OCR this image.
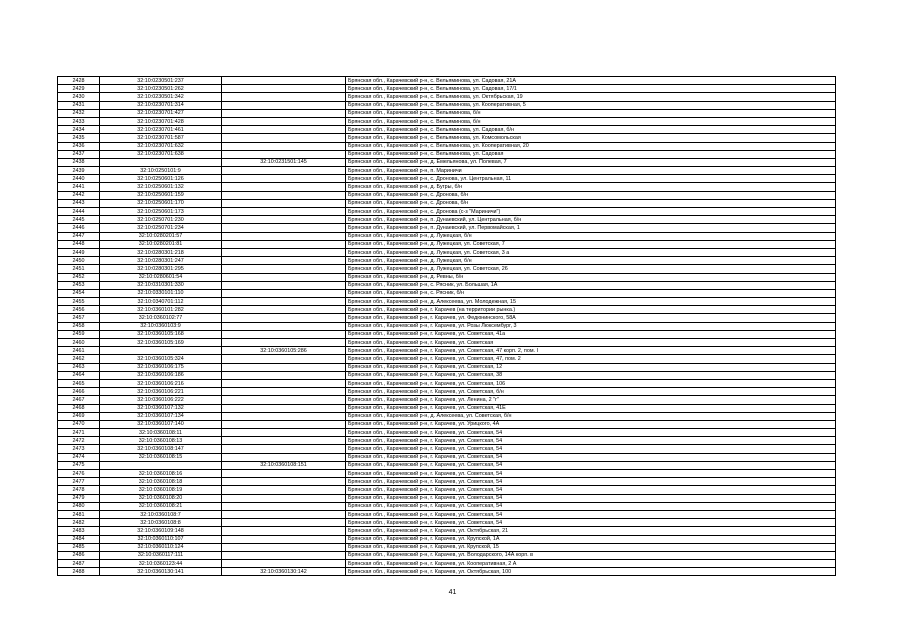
2428	32:10:0230501:237		Брянская обл., Карачевский р-н, с. Вельяминова, ул. Садовая, 21А
2429	32:10:0230501:262		Брянская обл., Карачевский р-н, с. Вельяминова, ул. Садовая, 17/1
2430	32:10:0230501:342		Брянская обл., Карачевский р-н, с. Вельяминова, ул. Октябрьская, 19
2431	32:10:0230701:314		Брянская обл., Карачевский р-н, с. Вельяминова, ул. Кооперативная, 5
2432	32:10:0230701:427		Брянская обл., Карачевский р-н, с. Вельяминова, б/н
2433	32:10:0230701:428		Брянская обл., Карачевский р-н, с. Вельяминова, б/н
2434	32:10:0230701:461		Брянская обл., Карачевский р-н, с. Вельяминова, ул. Садовая, б/н
2435	32:10:0230701:587		Брянская обл., Карачевский р-н, с. Вельяминова, ул. Комсомольская
2436	32:10:0230701:632		Брянская обл., Карачевский р-н, с. Вельяминова, ул. Кооперативная, 20
2437	32:10:0230701:638		Брянская обл., Карачевский р-н, с. Вельяминова, ул. Садовая
2438		32:10:0231501:145	Брянская обл., Карачевский р-н, д. Емельянова, ул. Полевая, 7
2439	32:10:0250101:9		Брянская обл., Карачевский р-н, п. Мариничи
2440	32:10:0250601:126		Брянская обл., Карачевский р-н, с. Дронова, ул. Центральная, 11
2441	32:10:0250601:132		Брянская обл., Карачевский р-н, д. Бугры, б/н
2442	32:10:0250601:159		Брянская обл., Карачевский р-н, с. Дронова, б/н
2443	32:10:0250601:170		Брянская обл., Карачевский р-н, с. Дронова, б/н
2444	32:10:0250601:173		Брянская обл., Карачевский р-н, с. Дронова (с-з "Мариничи")
2445	32:10:0250701:230		Брянская обл., Карачевский р-н, п. Дунаевский, ул. Центральная, б/н
2446	32:10:0250701:234		Брянская обл., Карачевский р-н, п. Дунаевский, ул. Первомайская, 1
2447	32:10:0280201:57		Брянская обл., Карачевский р-н, д. Лужецкая, б/н
2448	32:10:0280201:81		Брянская обл., Карачевский р-н, д. Лужецкая, ул. Советская, 7
2449	32:10:0280301:218		Брянская обл., Карачевский р-н, д. Лужецкая, ул. Советская, 3 а
2450	32:10:0280301:247		Брянская обл., Карачевский р-н, д. Лужецкая, б/н
2451	32:10:0280301:295		Брянская обл., Карачевский р-н, д. Лужецкая, ул. Советская, 26
2452	32:10:0280601:54		Брянская обл., Карачевский р-н, д. Ревны, б/н
2453	32:10:0310301:330		Брянская обл., Карачевский р-н, с. Рясник, ул. Большая, 1А
2454	32:10:0330101:110		Брянская обл., Карачевский р-н, с. Рясник, б/н
2455	32:10:0340701:112		Брянская обл., Карачевский р-н, д. Алексеева, ул. Молодежная, 15
2456	32:10:0360101:282		Брянская обл., Карачевский р-н, г. Карачев (на территории рынка.)
2457	32:10:0360102:77		Брянская обл., Карачевский р-н, г. Карачев, ул. Федюнинского, 58А
2458	32:10:0360103:9		Брянская обл., Карачевский р-н, г. Карачев, ул. Розы Люксембург, 3
2459	32:10:0360105:168		Брянская обл., Карачевский р-н, г. Карачев, ул. Советская, 41а
2460	32:10:0360105:169		Брянская обл., Карачевский р-н, г. Карачев, ул. Советская
2461		32:10:0360105:286	Брянская обл., Карачевский р-н, г. Карачев, ул. Советская, 47 корп. 2, пом. I
2462	32:10:0360105:324		Брянская обл., Карачевский р-н, г. Карачев, ул. Советская, 47, пом. 2
2463	32:10:0360106:175		Брянская обл., Карачевский р-н, г. Карачев, ул. Советская, 12
2464	32:10:0360106:186		Брянская обл., Карачевский р-н, г. Карачев, ул. Советская, 38
2465	32:10:0360106:216		Брянская обл., Карачевский р-н, г. Карачев, ул. Советская, 106
2466	32:10:0360106:221		Брянская обл., Карачевский р-н, г. Карачев, ул. Советская, б/н
2467	32:10:0360106:222		Брянская обл., Карачевский р-н, г. Карачев, ул. Ленина, 2 "г"
2468	32:10:0360107:132		Брянская обл., Карачевский р-н, г. Карачев, ул. Советская, 41Е
2469	32:10:0360107:134		Брянская обл., Карачевский р-н, д. Алексеева, ул. Советская, б/н
2470	32:10:0360107:140		Брянская обл., Карачевский р-н, г. Карачев, ул. Урицкого, 4А
2471	32:10:0360108:11		Брянская обл., Карачевский р-н, г. Карачев, ул. Советская, 54
2472	32:10:0360108:13		Брянская обл., Карачевский р-н, г. Карачев, ул. Советская, 54
2473	32:10:0360108:147		Брянская обл., Карачевский р-н, г. Карачев, ул. Советская, 54
2474	32:10:0360108:15		Брянская обл., Карачевский р-н, г. Карачев, ул. Советская, 54
2475		32:10:0360108:151	Брянская обл., Карачевский р-н, г. Карачев, ул. Советская, 54
2476	32:10:0360108:16		Брянская обл., Карачевский р-н, г. Карачев, ул. Советская, 54
2477	32:10:0360108:18		Брянская обл., Карачевский р-н, г. Карачев, ул. Советская, 54
2478	32:10:0360108:19		Брянская обл., Карачевский р-н, г. Карачев, ул. Советская, 54
2479	32:10:0360108:20		Брянская обл., Карачевский р-н, г. Карачев, ул. Советская, 54
2480	32:10:0360108:21		Брянская обл., Карачевский р-н, г. Карачев, ул. Советская, 54
2481	32:10:0360108:7		Брянская обл., Карачевский р-н, г. Карачев, ул. Советская, 54
2482	32:10:0360108:8		Брянская обл., Карачевский р-н, г. Карачев, ул. Советская, 54
2483	32:10:0360109:148		Брянская обл., Карачевский р-н, г. Карачев, ул. Октябрьская, 21
2484	32:10:0360110:107		Брянская обл., Карачевский р-н, г. Карачев, ул. Крупской, 1А
2485	32:10:0360110:124		Брянская обл., Карачевский р-н, г. Карачев, ул. Крупской, 15
2486	32:10:0360117:111		Брянская обл., Карачевский р-н, г. Карачев, ул. Володарского, 14А корп. в
2487	32:10:0360123:44		Брянская обл., Карачевский р-н, г. Карачев, ул. Кооперативная, 2 А
2488	32:10:0360130:141	32:10:0360130:142	Брянская обл., Карачевский р-н, г. Карачев, ул. Октябрьская, 100
41
